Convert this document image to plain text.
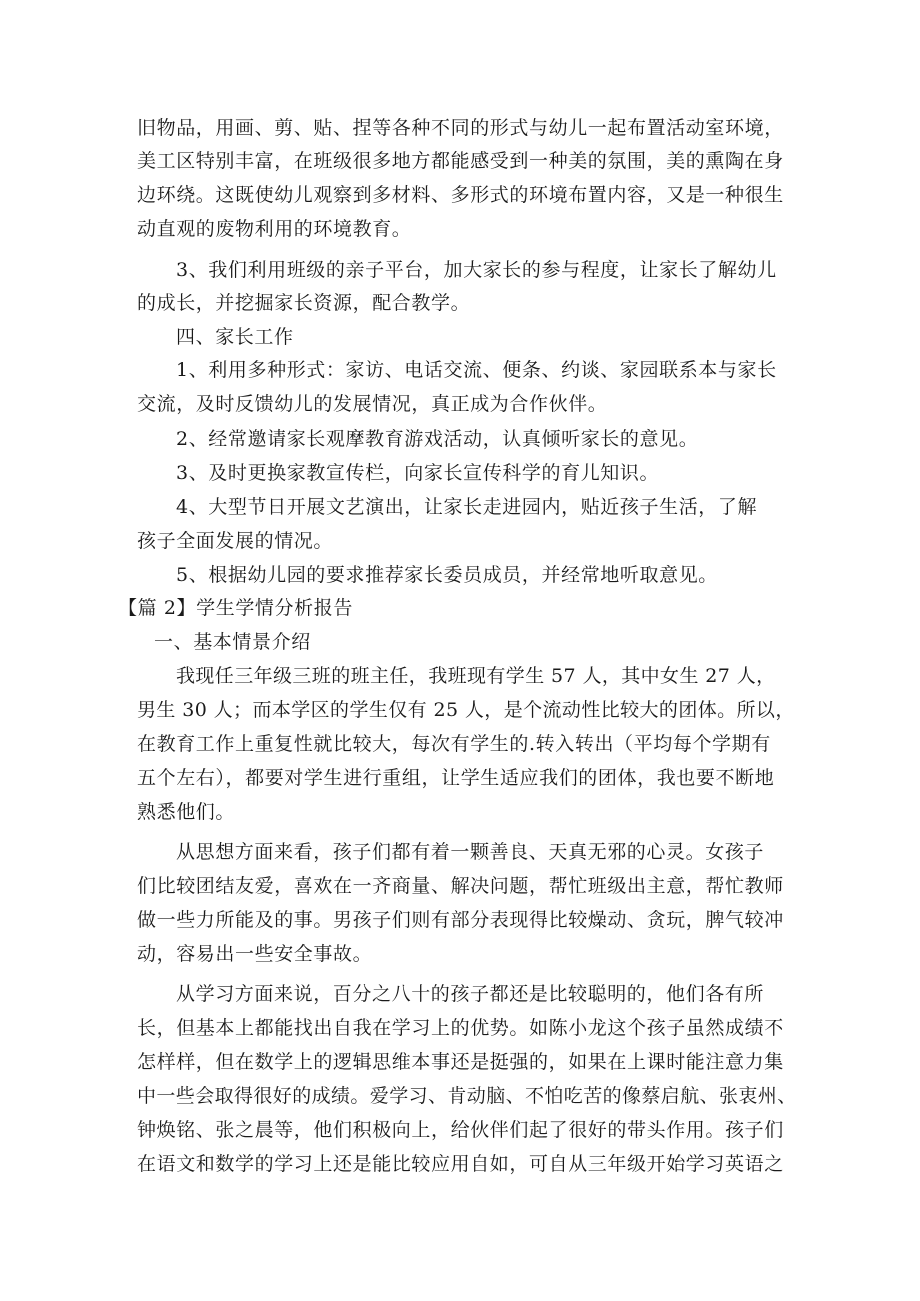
旧物品，用画、剪、贴、捏等各种不同的形式与幼儿一起布置活动室环境，
美工区特别丰富，在班级很多地方都能感受到一种美的氛围，美的熏陶在身
边环绕。这既使幼儿观察到多材料、多形式的环境布置内容，又是一种很生
动直观的废物利用的环境教育。
3、我们利用班级的亲子平台，加大家长的参与程度，让家长了解幼儿
的成长，并挖掘家长资源，配合教学。
四、家长工作
1、利用多种形式：家访、电话交流、便条、约谈、家园联系本与家长
交流，及时反馈幼儿的发展情况，真正成为合作伙伴。
2、经常邀请家长观摩教育游戏活动，认真倾听家长的意见。
3、及时更换家教宣传栏，向家长宣传科学的育儿知识。
4、大型节日开展文艺演出，让家长走进园内，贴近孩子生活，了解
孩子全面发展的情况。
5、根据幼儿园的要求推荐家长委员成员，并经常地听取意见。
【篇 2】学生学情分析报告
一、基本情景介绍
我现任三年级三班的班主任，我班现有学生 57 人，其中女生 27 人，
男生 30 人；而本学区的学生仅有 25 人，是个流动性比较大的团体。所以，
在教育工作上重复性就比较大，每次有学生的.转入转出（平均每个学期有
五个左右），都要对学生进行重组，让学生适应我们的团体，我也要不断地
熟悉他们。
从思想方面来看，孩子们都有着一颗善良、天真无邪的心灵。女孩子
们比较团结友爱，喜欢在一齐商量、解决问题，帮忙班级出主意，帮忙教师
做一些力所能及的事。男孩子们则有部分表现得比较燥动、贪玩，脾气较冲
动，容易出一些安全事故。
从学习方面来说，百分之八十的孩子都还是比较聪明的，他们各有所
长，但基本上都能找出自我在学习上的优势。如陈小龙这个孩子虽然成绩不
怎样样，但在数学上的逻辑思维本事还是挺强的，如果在上课时能注意力集
中一些会取得很好的成绩。爱学习、肯动脑、不怕吃苦的像蔡启航、张衷州、
钟焕铭、张之晨等，他们积极向上，给伙伴们起了很好的带头作用。孩子们
在语文和数学的学习上还是能比较应用自如，可自从三年级开始学习英语之
